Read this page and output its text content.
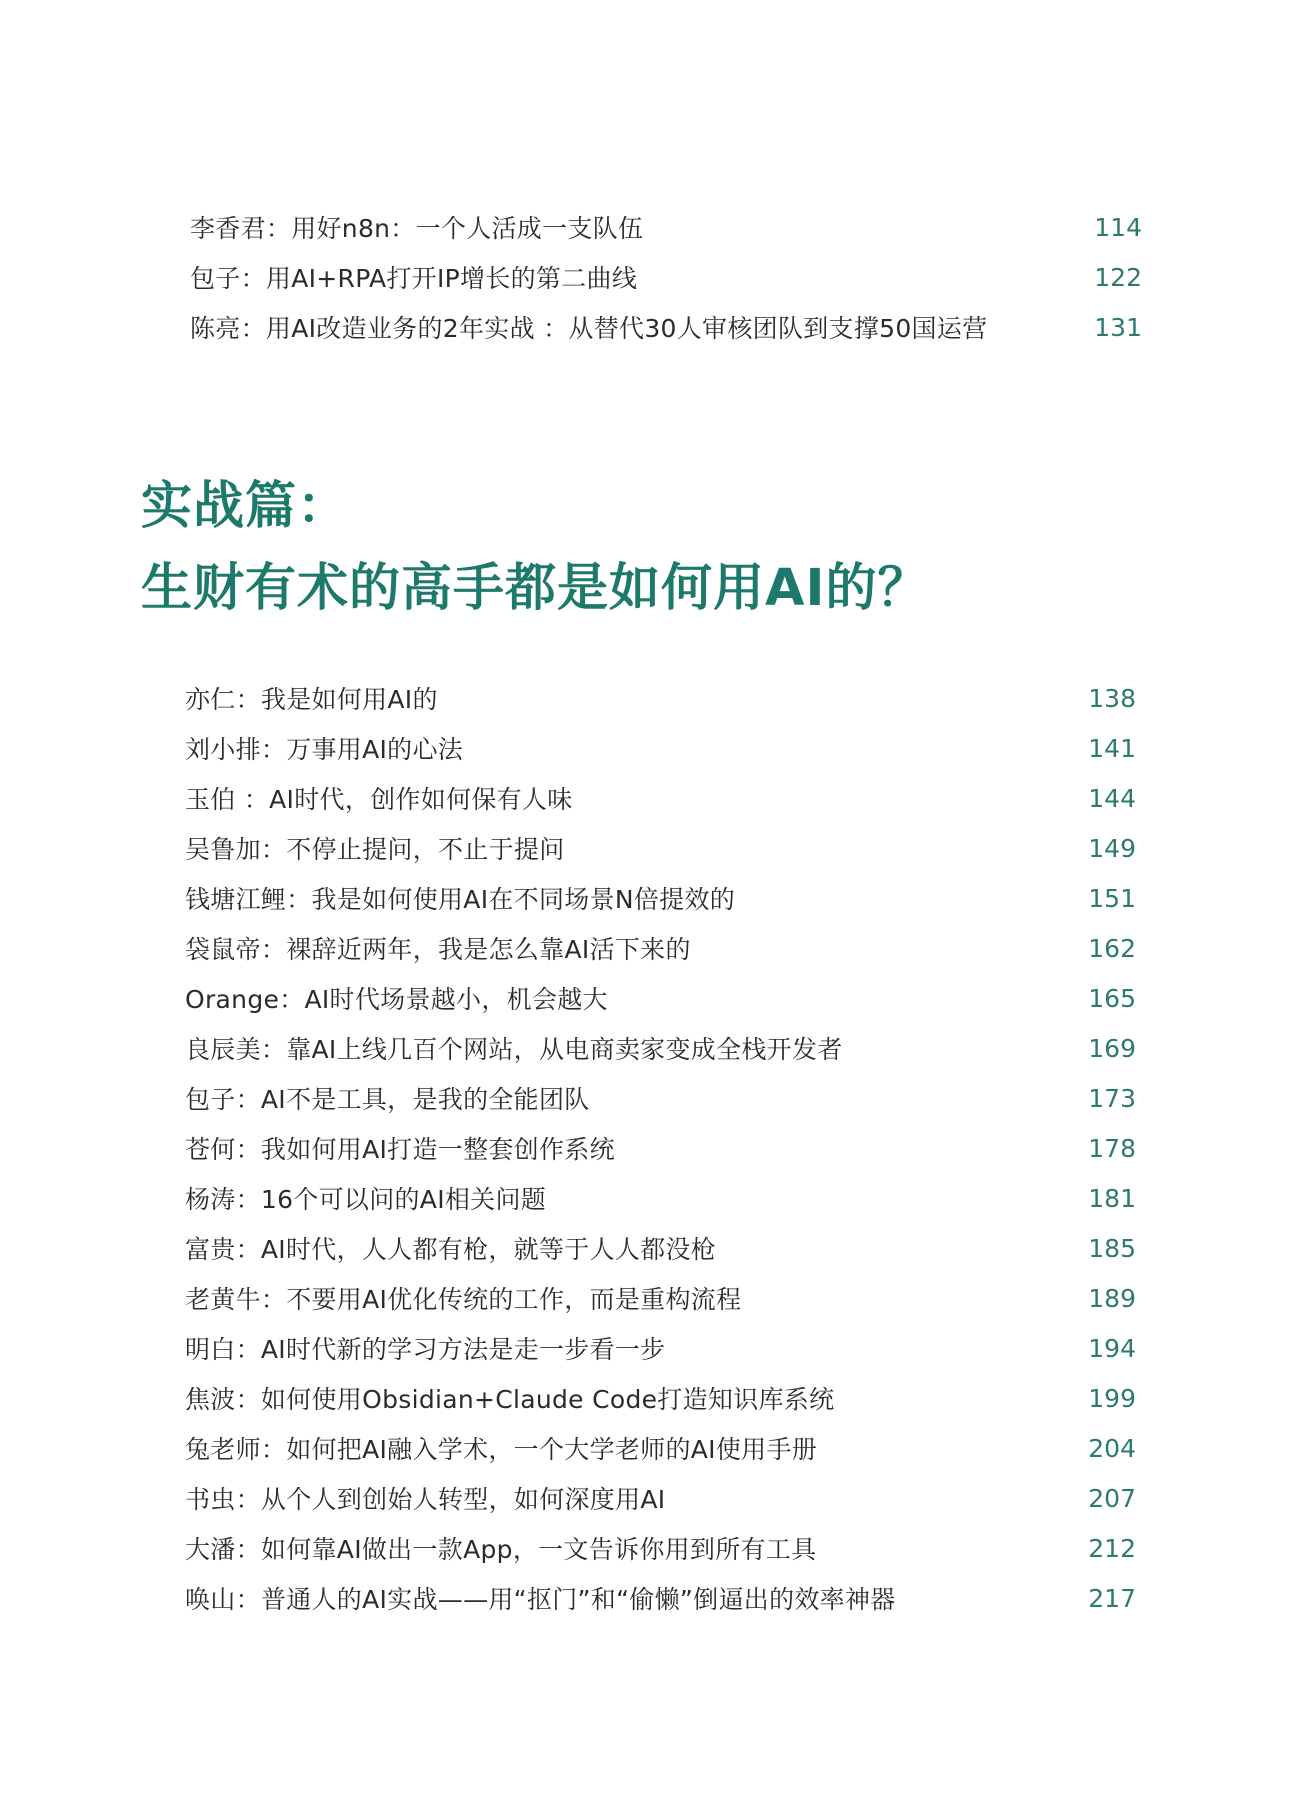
李香君：用好n8n：一个人活成一支队伍	114
包子：用AI+RPA打开IP增长的第二曲线	122
陈亮：用AI改造业务的2年实战 ：从替代30人审核团队到支撑50国运营	131
实战篇：
生财有术的高手都是如何用AI的？
亦仁：我是如何用AI的	138
刘小排：万事用AI的心法	141
玉伯 ：AI时代，创作如何保有人味	144
吴鲁加：不停止提问，不止于提问	149
钱塘江鲤：我是如何使用AI在不同场景N倍提效的	151
袋鼠帝：裸辞近两年，我是怎么靠AI活下来的	162
Orange：AI时代场景越小，机会越大	165
良辰美：靠AI上线几百个网站，从电商卖家变成全栈开发者	169
包子：AI不是工具，是我的全能团队	173
苍何：我如何用AI打造一整套创作系统	178
杨涛：16个可以问的AI相关问题	181
富贵：AI时代，人人都有枪，就等于人人都没枪	185
老黄牛：不要用AI优化传统的工作，而是重构流程	189
明白：AI时代新的学习方法是走一步看一步	194
焦波：如何使用Obsidian+Claude Code打造知识库系统	199
兔老师：如何把AI融入学术，一个大学老师的AI使用手册	204
书虫：从个人到创始人转型，如何深度用AI	207
大潘：如何靠AI做出一款App，一文告诉你用到所有工具	212
唤山：普通人的AI实战——用“抠门”和“偷懒”倒逼出的效率神器	217
